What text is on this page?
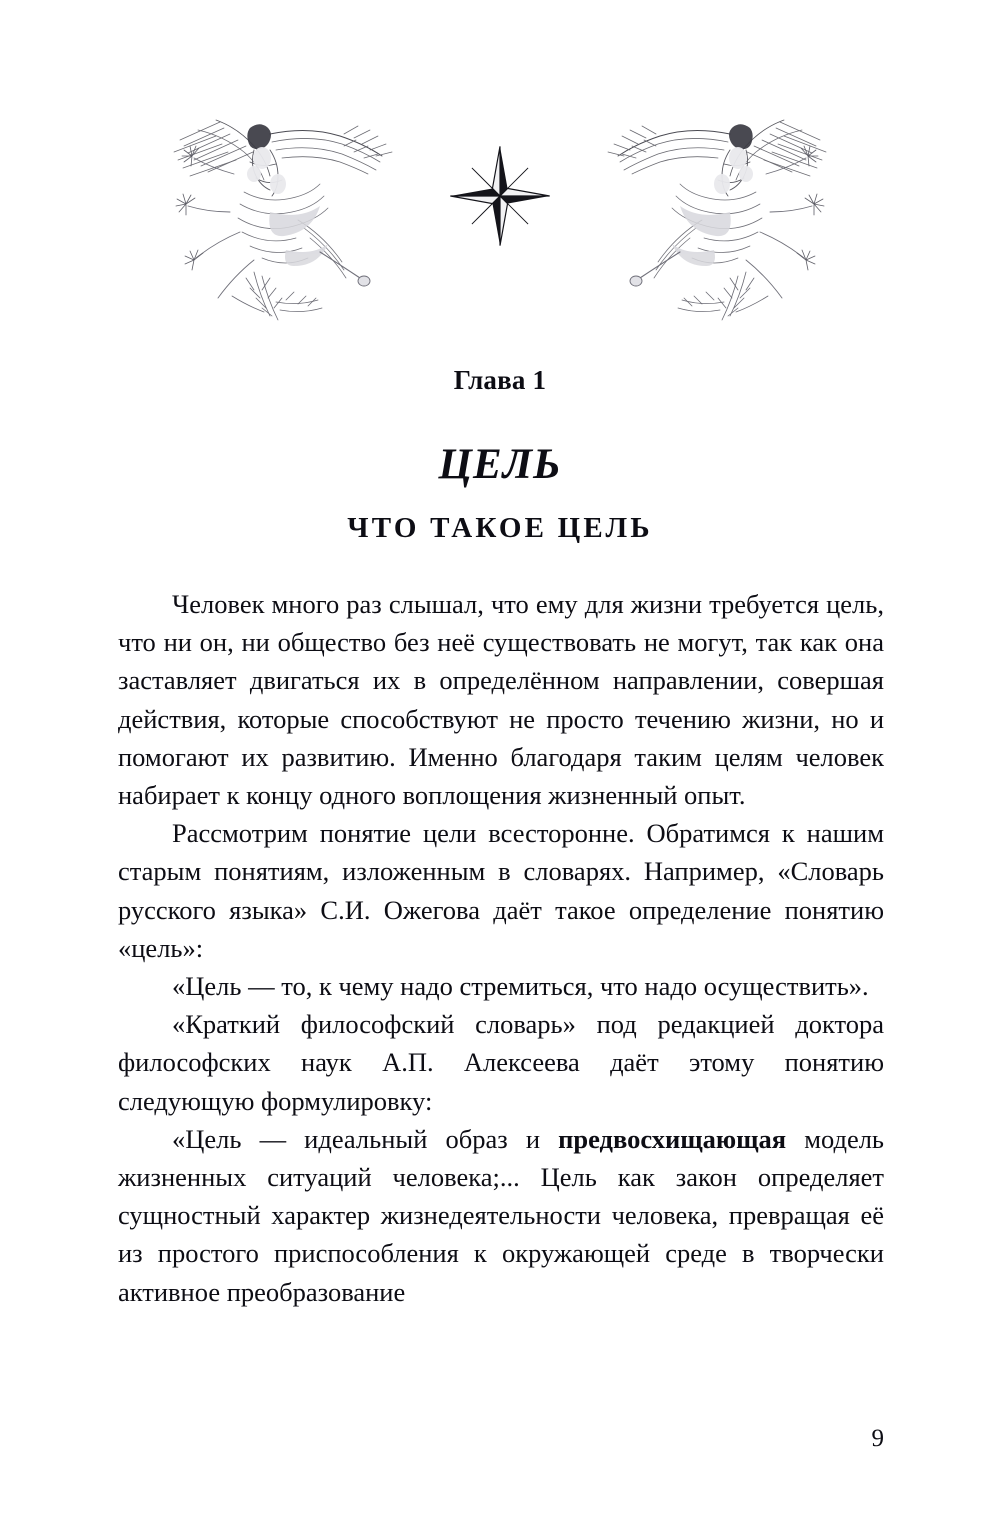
Глава 1
ЦЕЛЬ
ЧТО ТАКОЕ ЦЕЛЬ

Человек много раз слышал, что ему для жизни требуется цель, что ни он, ни общество без неё существовать не могут, так как она заставляет двигаться их в определённом направлении, совершая действия, которые способствуют не просто течению жизни, но и помогают их развитию. Именно благодаря таким целям человек набирает к концу одного воплощения жизненный опыт.

Рассмотрим понятие цели всесторонне. Обратимся к нашим старым понятиям, изложенным в словарях. Например, «Словарь русского языка» С.И. Ожегова даёт такое определение понятию «цель»:

«Цель — то, к чему надо стремиться, что надо осуществить».

«Краткий философский словарь» под редакцией доктора философских наук А.П. Алексеева даёт этому понятию следующую формулировку:

«Цель — идеальный образ и предвосхищающая модель жизненных ситуаций человека;... Цель как закон определяет сущностный характер жизнедеятельности человека, превращая её из простого приспособления к окружающей среде в творчески активное преобразование

9
